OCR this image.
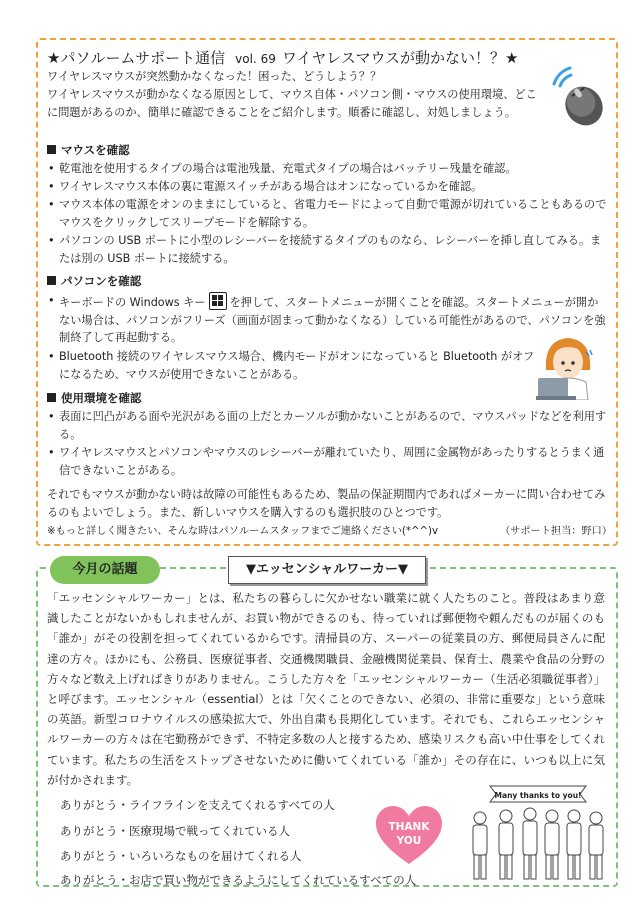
★パソルームサポート通信 vol. 69 ワイヤレスマウスが動かない！？★
ワイヤレスマウスが突然動かなくなった！困った、どうしよう？？
ワイヤレスマウスが動かなくなる原因として、マウス自体・パソコン側・マウスの使用環境、どこに問題があるのか、簡単に確認できることをご紹介します。順番に確認し、対処しましょう。
マウスを確認
• 乾電池を使用するタイプの場合は電池残量、充電式タイプの場合はバッテリー残量を確認。
• ワイヤレスマウス本体の裏に電源スイッチがある場合はオンになっているかを確認。
• マウス本体の電源をオンのままにしていると、省電力モードによって自動で電源が切れていることもあるのでマウスをクリックしてスリープモードを解除する。
• パソコンの USB ポートに小型のレシーバーを接続するタイプのものなら、レシーバーを挿し直してみる。または別の USB ポートに接続する。
パソコンを確認
• キーボードの Windows キー を押して、スタートメニューが開くことを確認。スタートメニューが開かない場合は、パソコンがフリーズ（画面が固まって動かなくなる）している可能性があるので、パソコンを強制終了して再起動する。
• Bluetooth 接続のワイヤレスマウス場合、機内モードがオンになっていると Bluetooth がオフになるため、マウスが使用できないことがある。
使用環境を確認
• 表面に凹凸がある面や光沢がある面の上だとカーソルが動かないことがあるので、マウスパッドなどを利用する。
• ワイヤレスマウスとパソコンやマウスのレシーバーが離れていたり、周囲に金属物があったりするとうまく通信できないことがある。
それでもマウスが動かない時は故障の可能性もあるため、製品の保証期間内であればメーカーに問い合わせてみるのもよいでしょう。また、新しいマウスを購入するのも選択肢のひとつです。
※もっと詳しく聞きたい、そんな時はパソルームスタッフまでご連絡ください(*^^)v	（サポート担当：野口）
今月の話題	▼エッセンシャルワーカー▼
「エッセンシャルワーカー」とは、私たちの暮らしに欠かせない職業に就く人たちのこと。普段はあまり意識したことがないかもしれませんが、お買い物ができるのも、待っていれば郵便物や頼んだものが届くのも「誰か」がその役割を担ってくれているからです。清掃員の方、スーパーの従業員の方、郵便局員さんに配達の方々。ほかにも、公務員、医療従事者、交通機関職員、金融機関従業員、保育士、農業や食品の分野の方々など数え上げればきりがありません。こうした方々を「エッセンシャルワーカー（生活必須職従事者）」と呼びます。エッセンシャル（essential）とは「欠くことのできない、必須の、非常に重要な」という意味の英語。新型コロナウイルスの感染拡大で、外出自粛も長期化しています。それでも、これらエッセンシャルワーカーの方々は在宅勤務ができず、不特定多数の人と接するため、感染リスクも高い中仕事をしてくれています。私たちの生活をストップさせないために働いてくれている「誰か」その存在に、いつも以上に気が付かされます。
ありがとう・ライフラインを支えてくれるすべての人
ありがとう・医療現場で戦ってくれている人
ありがとう・いろいろなものを届けてくれる人
ありがとう・お店で買い物ができるようにしてくれているすべての人
THANK YOU
Many thanks to you!
